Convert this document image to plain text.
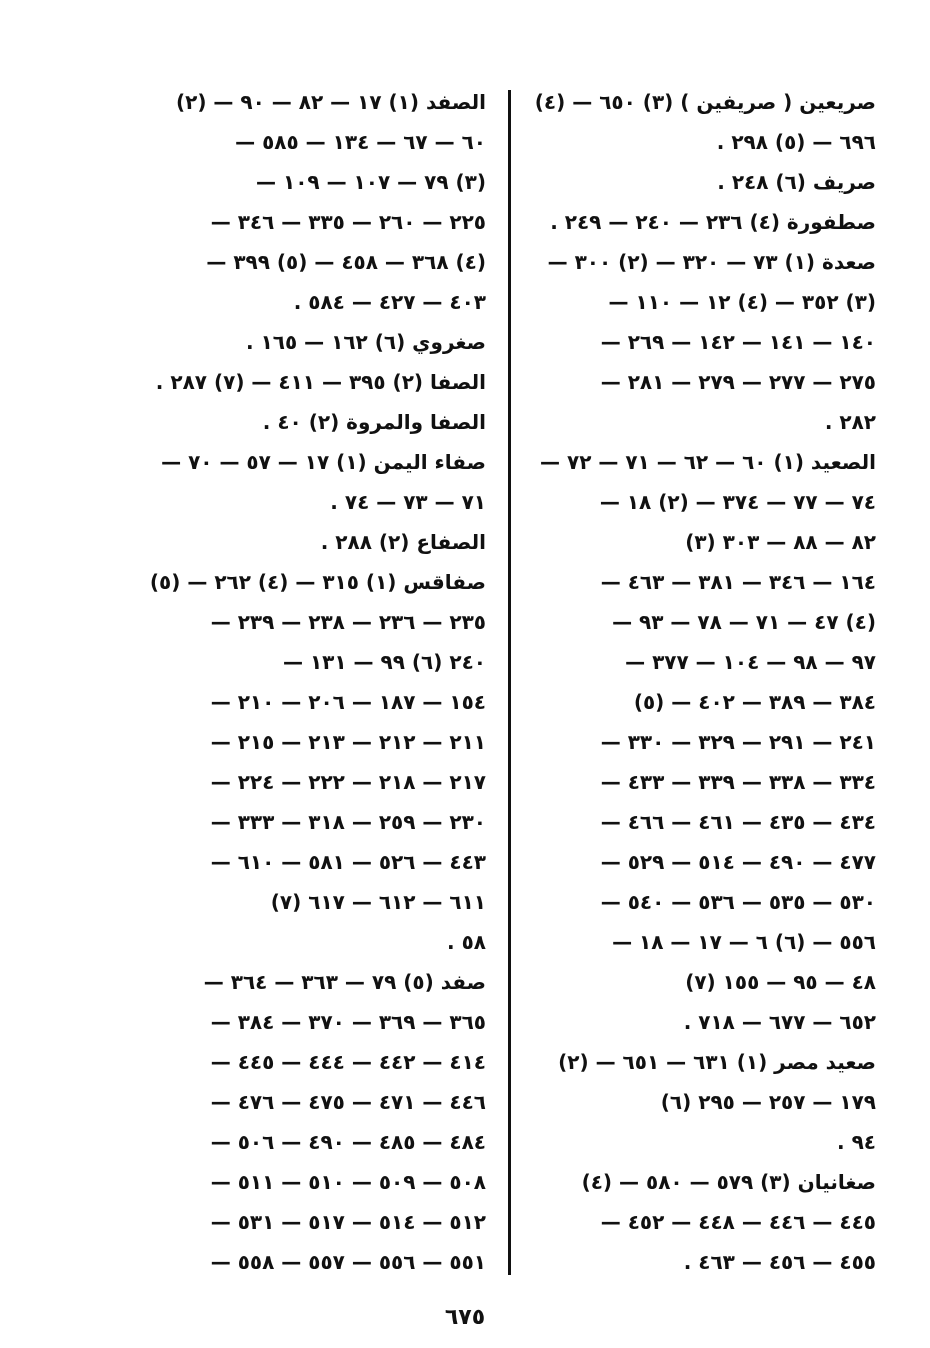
صريعين ( صريفين ) (٣) ٦٥٠ — (٤)
٦٩٦ — (٥) ٢٩٨ .
صريف (٦) ٢٤٨ .
صطفورة (٤) ٢٣٦ — ٢٤٠ — ٢٤٩ .
صعدة (١) ٧٣ — ٣٢٠ — (٢) ٣٠٠ —
(٣) ٣٥٢ — (٤) ١٢ — ١١٠ —
١٤٠ — ١٤١ — ١٤٢ — ٢٦٩ —
٢٧٥ — ٢٧٧ — ٢٧٩ — ٢٨١ —
٢٨٢ .
الصعيد (١) ٦٠ — ٦٢ — ٧١ — ٧٢ —
٧٤ — ٧٧ — ٣٧٤ — (٢) ١٨ —
٨٢ — ٨٨ — ٣٠٣ (٣)
١٦٤ — ٣٤٦ — ٣٨١ — ٤٦٣ —
(٤) ٤٧ — ٧١ — ٧٨ — ٩٣ —
٩٧ — ٩٨ — ١٠٤ — ٣٧٧ —
٣٨٤ — ٣٨٩ — ٤٠٢ — (٥)
٢٤١ — ٢٩١ — ٣٢٩ — ٣٣٠ —
٣٣٤ — ٣٣٨ — ٣٣٩ — ٤٣٣ —
٤٣٤ — ٤٣٥ — ٤٦١ — ٤٦٦ —
٤٧٧ — ٤٩٠ — ٥١٤ — ٥٢٩ —
٥٣٠ — ٥٣٥ — ٥٣٦ — ٥٤٠ —
٥٥٦ — (٦) ٦ — ١٧ — ١٨ —
٤٨ — ٩٥ — ١٥٥ (٧)
٦٥٢ — ٦٧٧ — ٧١٨ .
صعيد مصر (١) ٦٣١ — ٦٥١ — (٢)
١٧٩ — ٢٥٧ — ٢٩٥ (٦)
٩٤ .
صغانيان (٣) ٥٧٩ — ٥٨٠ — (٤)
٤٤٥ — ٤٤٦ — ٤٤٨ — ٤٥٢ —
٤٥٥ — ٤٥٦ — ٤٦٣ .
الصفد (١) ١٧ — ٨٢ — ٩٠ — (٢)
٦٠ — ٦٧ — ١٣٤ — ٥٨٥ —
(٣) ٧٩ — ١٠٧ — ١٠٩ —
٢٢٥ — ٢٦٠ — ٣٣٥ — ٣٤٦ —
(٤) ٣٦٨ — ٤٥٨ — (٥) ٣٩٩ —
٤٠٣ — ٤٢٧ — ٥٨٤ .
صغروي (٦) ١٦٢ — ١٦٥ .
الصفا (٢) ٣٩٥ — ٤١١ — (٧) ٢٨٧ .
الصفا والمروة (٢) ٤٠ .
صفاء اليمن (١) ١٧ — ٥٧ — ٧٠ —
٧١ — ٧٣ — ٧٤ .
الصفاع (٢) ٢٨٨ .
صفاقس (١) ٣١٥ — (٤) ٢٦٢ — (٥)
٢٣٥ — ٢٣٦ — ٢٣٨ — ٢٣٩ —
٢٤٠ (٦) ٩٩ — ١٣١ —
١٥٤ — ١٨٧ — ٢٠٦ — ٢١٠ —
٢١١ — ٢١٢ — ٢١٣ — ٢١٥ —
٢١٧ — ٢١٨ — ٢٢٢ — ٢٢٤ —
٢٣٠ — ٢٥٩ — ٣١٨ — ٣٣٣ —
٤٤٣ — ٥٢٦ — ٥٨١ — ٦١٠ —
٦١١ — ٦١٢ — ٦١٧ (٧)
٥٨ .
صفد (٥) ٧٩ — ٣٦٣ — ٣٦٤ —
٣٦٥ — ٣٦٩ — ٣٧٠ — ٣٨٤ —
٤١٤ — ٤٤٢ — ٤٤٤ — ٤٤٥ —
٤٤٦ — ٤٧١ — ٤٧٥ — ٤٧٦ —
٤٨٤ — ٤٨٥ — ٤٩٠ — ٥٠٦ —
٥٠٨ — ٥٠٩ — ٥١٠ — ٥١١ —
٥١٢ — ٥١٤ — ٥١٧ — ٥٣١ —
٥٥١ — ٥٥٦ — ٥٥٧ — ٥٥٨ —
٦٧٥
